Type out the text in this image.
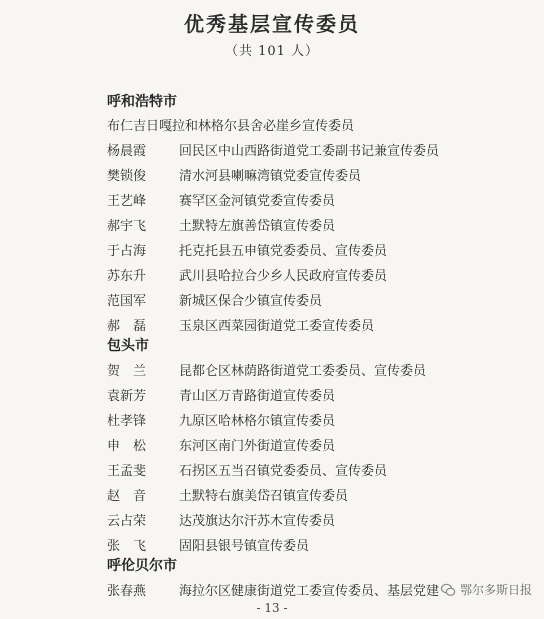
优秀基层宣传委员
（共 101 人）
呼和浩特市
布仁吉日嘎拉 和林格尔县舍必崖乡宣传委员
杨晨霞	回民区中山西路街道党工委副书记兼宣传委员
樊锁俊	清水河县喇嘛湾镇党委宣传委员
王艺峰	赛罕区金河镇党委宣传委员
郝宇飞	土默特左旗善岱镇宣传委员
于占海	托克托县五申镇党委委员、宣传委员
苏东升	武川县哈拉合少乡人民政府宣传委员
范国军	新城区保合少镇宣传委员
郝　磊	玉泉区西菜园街道党工委宣传委员
包头市
贺　兰	昆都仑区林荫路街道党工委委员、宣传委员
袁新芳	青山区万青路街道宣传委员
杜孝锋	九原区哈林格尔镇宣传委员
申　松	东河区南门外街道宣传委员
王孟斐	石拐区五当召镇党委委员、宣传委员
赵　音	土默特右旗美岱召镇宣传委员
云占荣	达茂旗达尔汗苏木宣传委员
张　飞	固阳县银号镇宣传委员
呼伦贝尔市
张春燕	海拉尔区健康街道党工委宣传委员、基层党建 鄂尔多斯日报
- 13 -
